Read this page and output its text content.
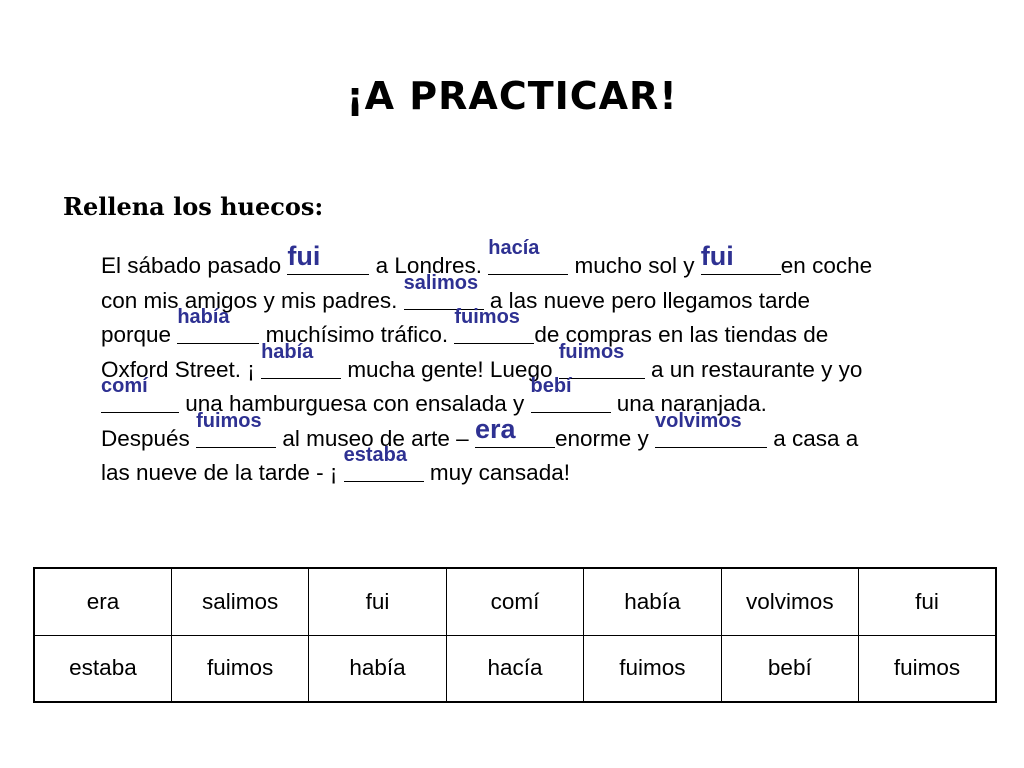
¡A PRACTICAR!
Rellena los huecos:
El sábado pasado fui a Londres.
hacía
mucho sol y fui en coche
con mis amigos y mis padres.
salimos
a las nueve pero llegamos tarde
porque
había
muchísimo tráfico.
fuimos
de compras en las tiendas de
Oxford Street. ¡
había
mucha gente! Luego
fuimos
a un restaurante y yo
comí
una hamburguesa con ensalada y
bebí
una naranjada.
Después
fuimos
al museo de arte – era enorme y
volvimos
a casa a
las nueve de la tarde - ¡
estaba
muy cansada!
era	salimos	fui	comí	había	volvimos	fui
estaba	fuimos	había	hacía	fuimos	bebí	fuimos
